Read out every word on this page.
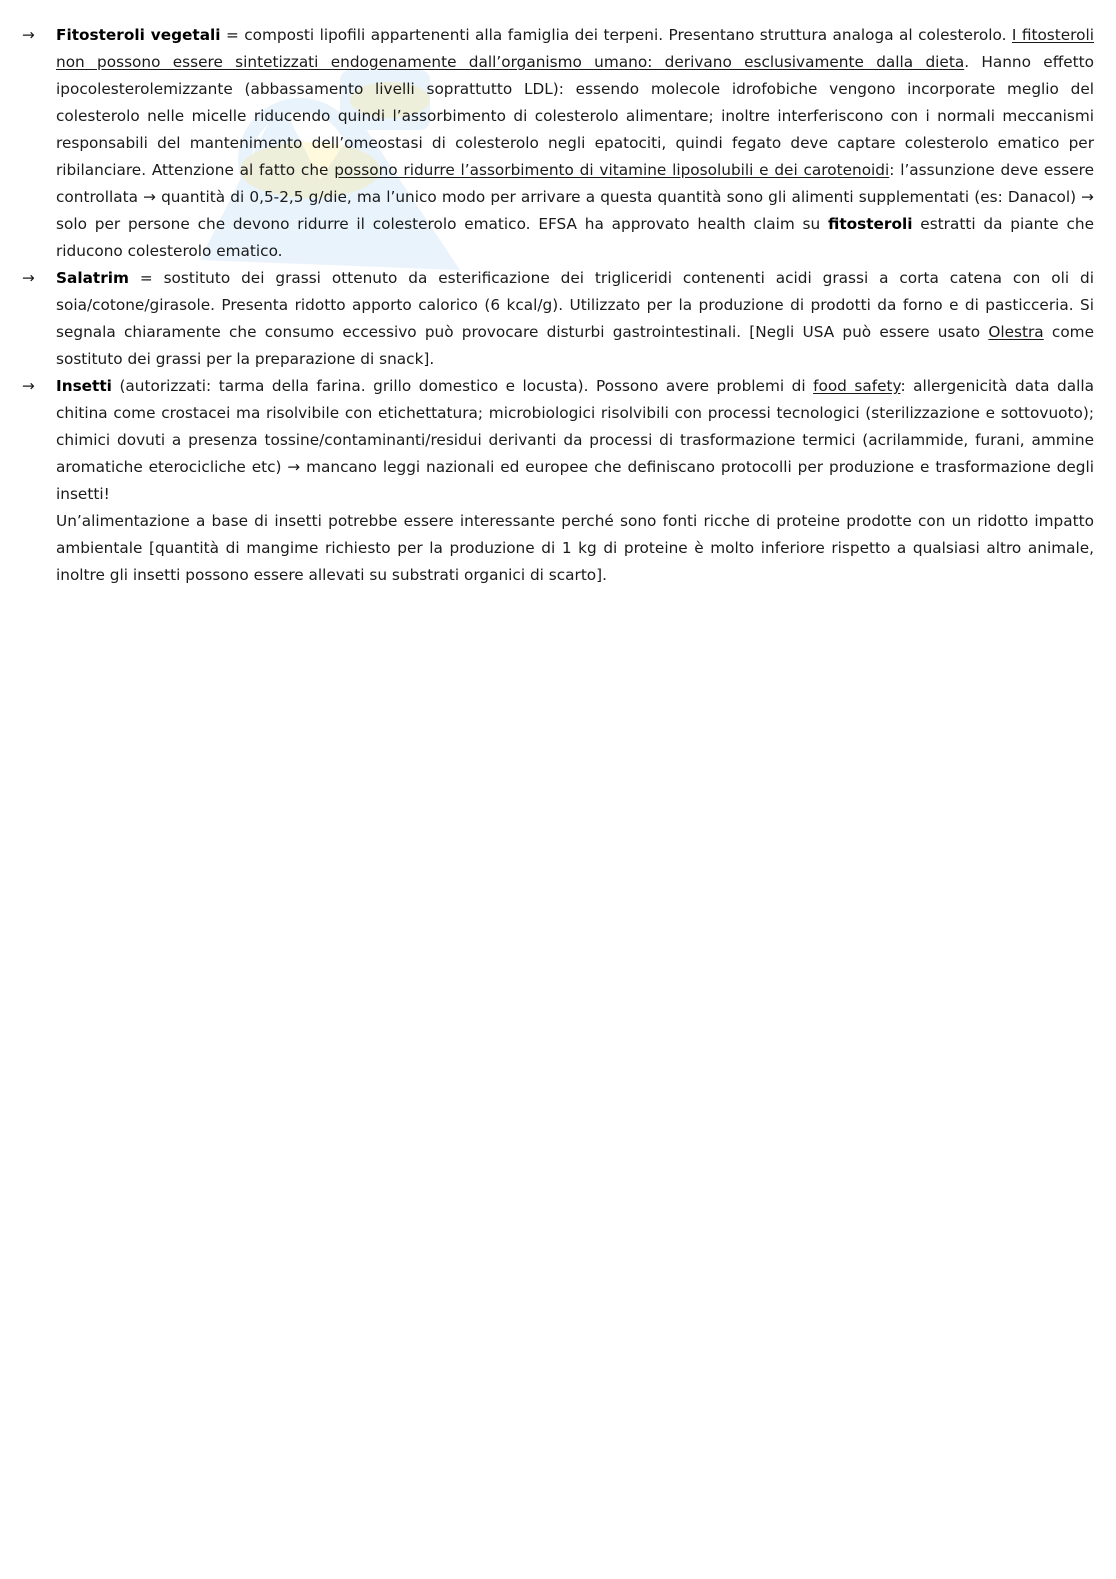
→	Fitosteroli vegetali = composti lipofili appartenenti alla famiglia dei terpeni. Presentano struttura analoga al colesterolo. I fitosteroli non possono essere sintetizzati endogenamente dall’organismo umano: derivano esclusivamente dalla dieta. Hanno effetto ipocolesterolemizzante (abbassamento livelli soprattutto LDL): essendo molecole idrofobiche vengono incorporate meglio del colesterolo nelle micelle riducendo quindi l’assorbimento di colesterolo alimentare; inoltre interferiscono con i normali meccanismi responsabili del mantenimento dell’omeostasi di colesterolo negli epatociti, quindi fegato deve captare colesterolo ematico per ribilanciare. Attenzione al fatto che possono ridurre l’assorbimento di vitamine liposolubili e dei carotenoidi: l’assunzione deve essere controllata → quantità di 0,5-2,5 g/die, ma l’unico modo per arrivare a questa quantità sono gli alimenti supplementati (es: Danacol) → solo per persone che devono ridurre il colesterolo ematico. EFSA ha approvato health claim su fitosteroli estratti da piante che riducono colesterolo ematico.

→	Salatrim = sostituto dei grassi ottenuto da esterificazione dei trigliceridi contenenti acidi grassi a corta catena con oli di soia/cotone/girasole. Presenta ridotto apporto calorico (6 kcal/g). Utilizzato per la produzione di prodotti da forno e di pasticceria. Si segnala chiaramente che consumo eccessivo può provocare disturbi gastrointestinali. [Negli USA può essere usato Olestra come sostituto dei grassi per la preparazione di snack].

→	Insetti (autorizzati: tarma della farina. grillo domestico e locusta). Possono avere problemi di food safety: allergenicità data dalla chitina come crostacei ma risolvibile con etichettatura; microbiologici risolvibili con processi tecnologici (sterilizzazione e sottovuoto); chimici dovuti a presenza tossine/contaminanti/residui derivanti da processi di trasformazione termici (acrilammide, furani, ammine aromatiche eterocicliche etc) → mancano leggi nazionali ed europee che definiscano protocolli per produzione e trasformazione degli insetti!

Un’alimentazione a base di insetti potrebbe essere interessante perché sono fonti ricche di proteine prodotte con un ridotto impatto ambientale [quantità di mangime richiesto per la produzione di 1 kg di proteine è molto inferiore rispetto a qualsiasi altro animale, inoltre gli insetti possono essere allevati su substrati organici di scarto].
